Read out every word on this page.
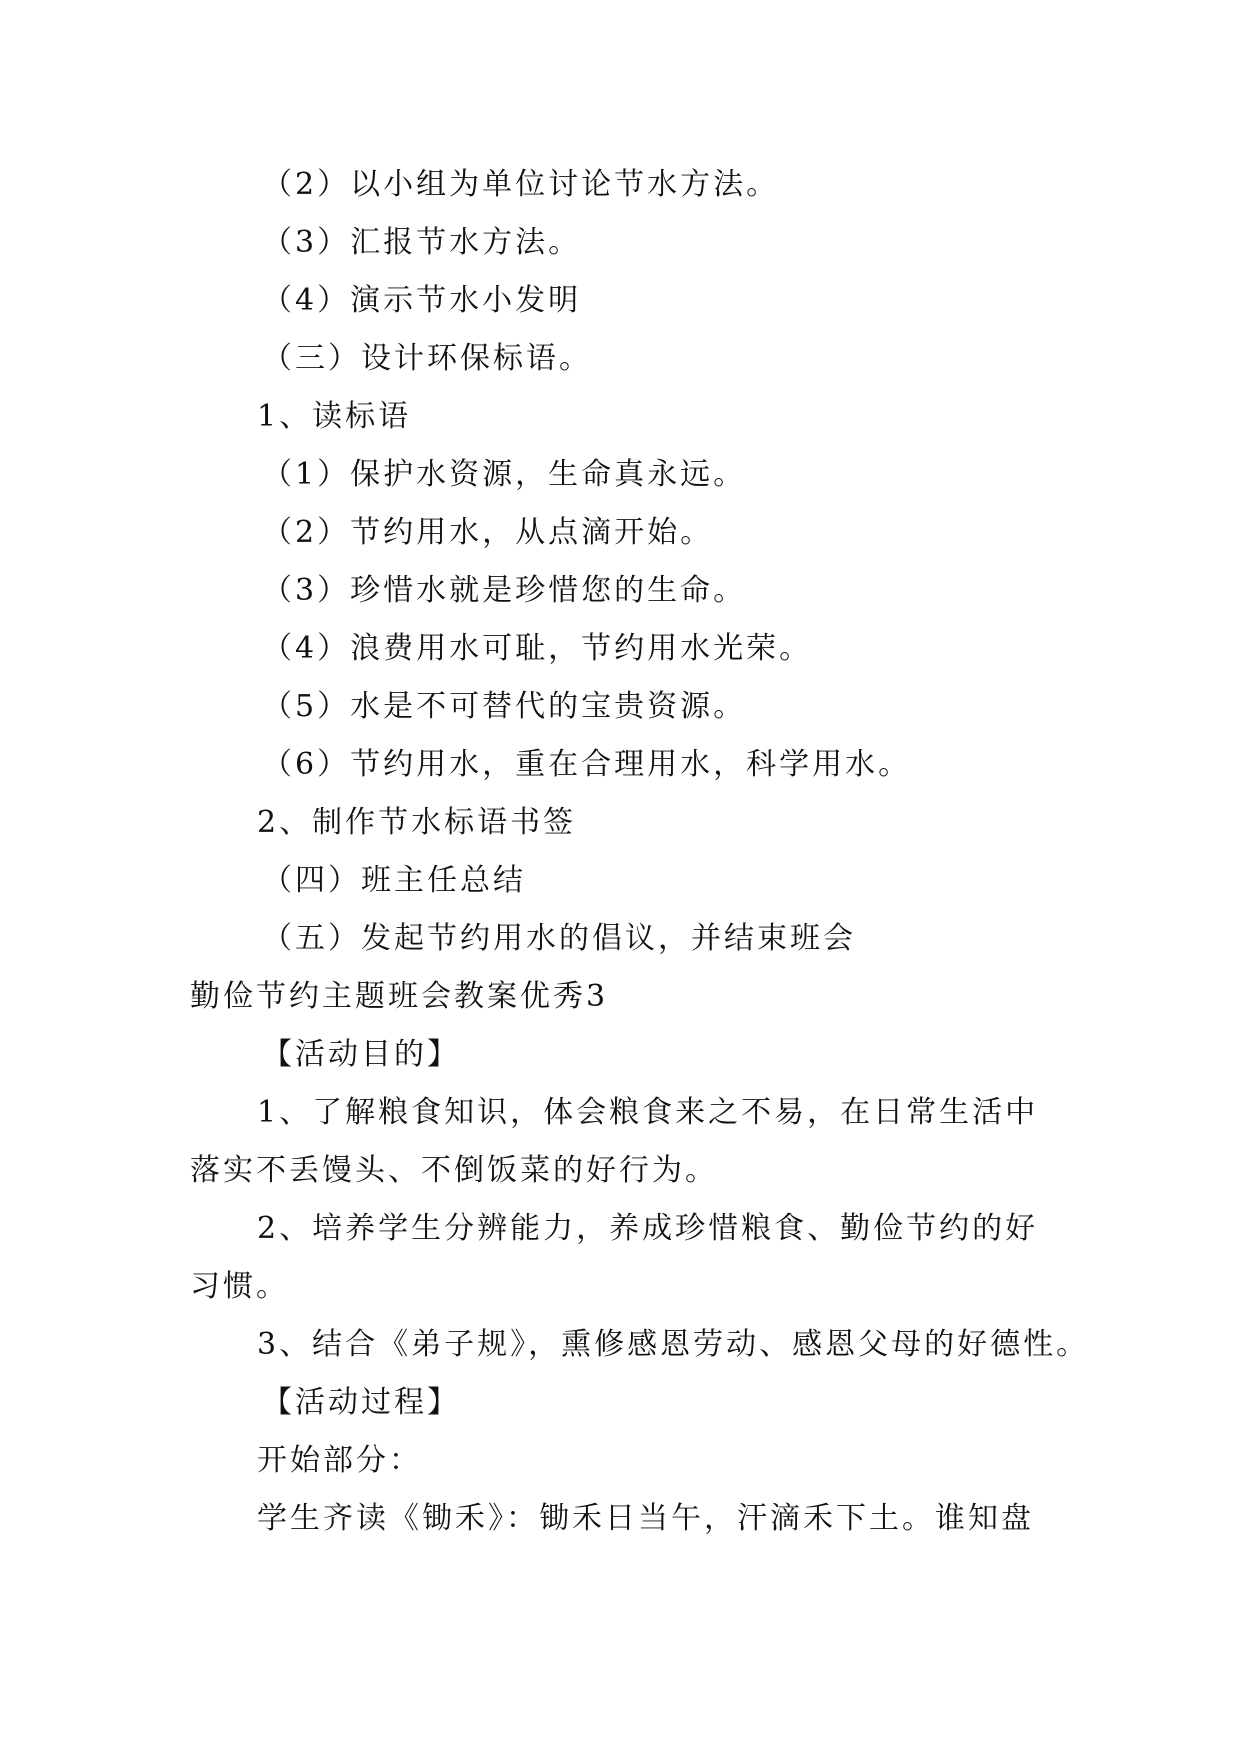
（2）以小组为单位讨论节水方法。
（3）汇报节水方法。
（4）演示节水小发明
（三）设计环保标语。
1、读标语
（1）保护水资源，生命真永远。
（2）节约用水，从点滴开始。
（3）珍惜水就是珍惜您的生命。
（4）浪费用水可耻，节约用水光荣。
（5）水是不可替代的宝贵资源。
（6）节约用水，重在合理用水，科学用水。
2、制作节水标语书签
（四）班主任总结
（五）发起节约用水的倡议，并结束班会
勤俭节约主题班会教案优秀3
【活动目的】
1、了解粮食知识，体会粮食来之不易，在日常生活中
落实不丢馒头、不倒饭菜的好行为。
2、培养学生分辨能力，养成珍惜粮食、勤俭节约的好
习惯。
3、结合《弟子规》，熏修感恩劳动、感恩父母的好德性。
【活动过程】
开始部分：
学生齐读《锄禾》：锄禾日当午，汗滴禾下土。谁知盘
